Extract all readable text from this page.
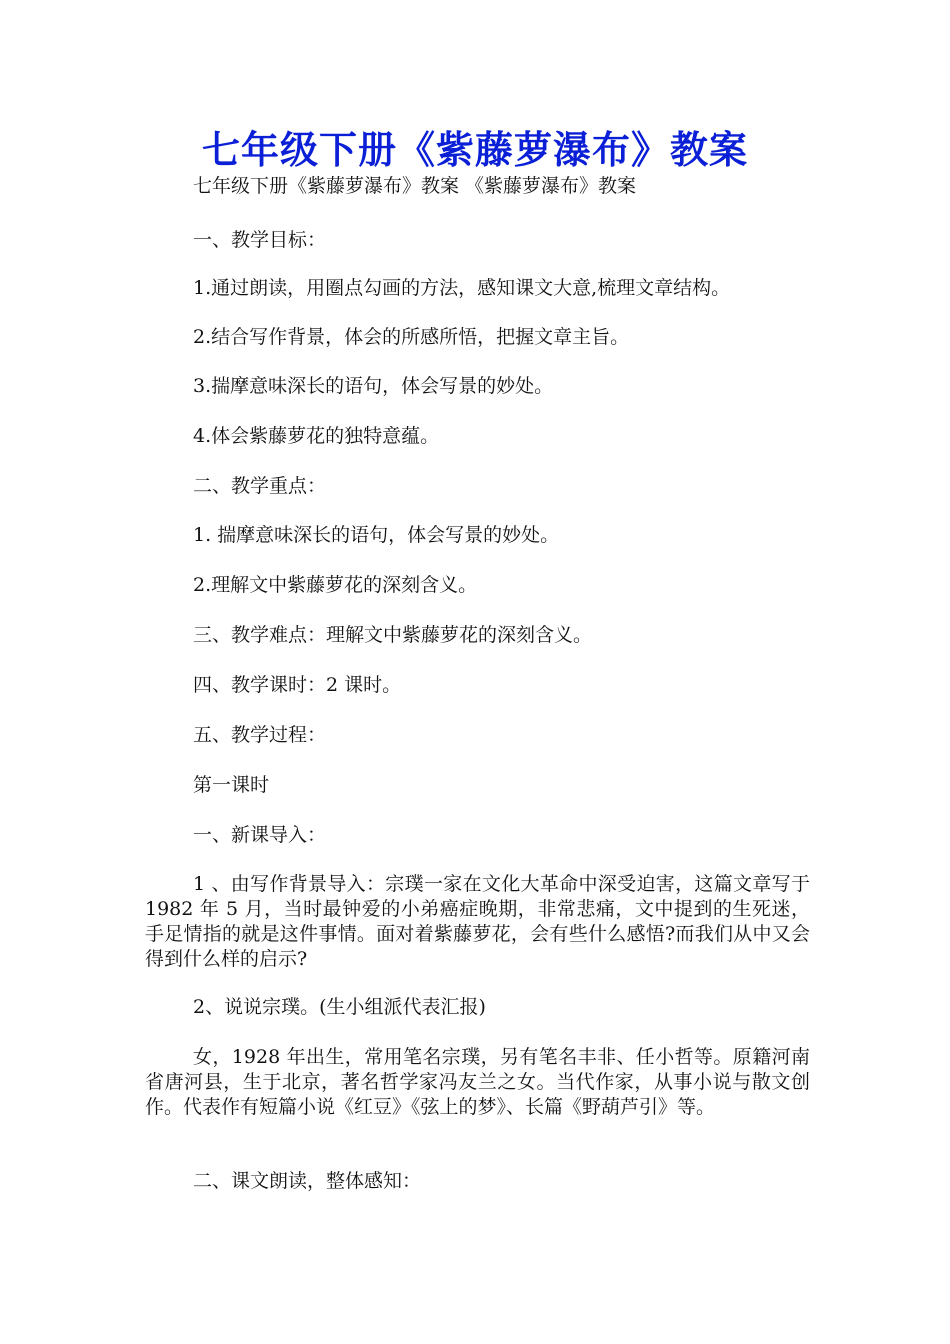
七年级下册《紫藤萝瀑布》教案
七年级下册《紫藤萝瀑布》教案 《紫藤萝瀑布》教案
一、教学目标：
1.通过朗读，用圈点勾画的方法，感知课文大意,梳理文章结构。
2.结合写作背景，体会的所感所悟，把握文章主旨。
3.揣摩意味深长的语句，体会写景的妙处。
4.体会紫藤萝花的独特意蕴。
二、教学重点：
1. 揣摩意味深长的语句，体会写景的妙处。
2.理解文中紫藤萝花的深刻含义。
三、教学难点：理解文中紫藤萝花的深刻含义。
四、教学课时：2 课时。
五、教学过程：
第一课时
一、新课导入：
1 、由写作背景导入：宗璞一家在文化大革命中深受迫害，这篇文章写于 1982 年 5 月，当时最钟爱的小弟癌症晚期，非常悲痛，文中提到的生死迷，手足情指的就是这件事情。面对着紫藤萝花，会有些什么感悟?而我们从中又会得到什么样的启示?
2、说说宗璞。(生小组派代表汇报)
女，1928 年出生，常用笔名宗璞，另有笔名丰非、任小哲等。原籍河南省唐河县，生于北京，著名哲学家冯友兰之女。当代作家，从事小说与散文创作。代表作有短篇小说《红豆》《弦上的梦》、长篇《野葫芦引》等。
二、课文朗读，整体感知：
